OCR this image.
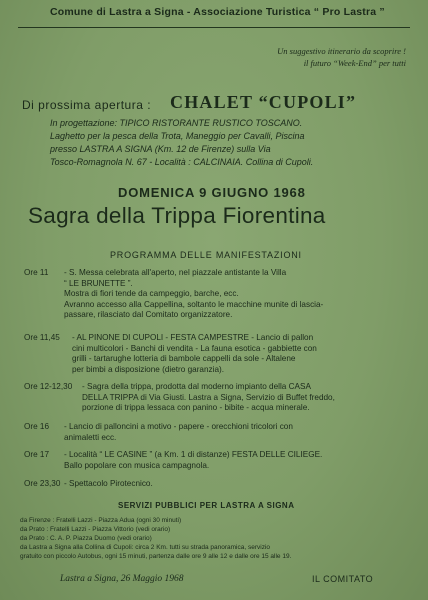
Comune di Lastra a Signa - Associazione Turistica “ Pro Lastra ”
Un suggestivo itinerario da scoprire !
il futuro “Week-End” per tutti
Di prossima apertura : CHALET “CUPOLI”
In progettazione: TIPICO RISTORANTE RUSTICO TOSCANO.
Laghetto per la pesca della Trota, Maneggio per Cavalli, Piscina
presso LASTRA A SIGNA (Km. 12 de Firenze) sulla Via
Tosco-Romagnola N. 67 - Località : CALCINAIA. Collina di Cupoli.
DOMENICA 9 GIUGNO 1968
Sagra della Trippa Fiorentina
PROGRAMMA DELLE MANIFESTAZIONI
Ore 11 - S. Messa celebrata all'aperto, nel piazzale antistante la Villa
“ LE BRUNETTE ”.
Mostra di fiori tende da campeggio, barche, ecc.
Avranno accesso alla Cappellina, soltanto le macchine munite di lascia-
passare, rilasciato dal Comitato organizzatore.
Ore 11,45 - AL PINONE DI CUPOLI - FESTA CAMPESTRE - Lancio di pallon
cini multicolori - Banchi di vendita - La fauna esotica - gabbiette con
grilli - tartarughe lotteria di bambole cappelli da sole - Altalene
per bimbi a disposizione (dietro garanzia).
Ore 12-12,30 - Sagra della trippa, prodotta dal moderno impianto della CASA
DELLA TRIPPA di Via Giusti. Lastra a Signa, Servizio di Buffet freddo,
porzione di trippa lessaca con panino - bibite - acqua minerale.
Ore 16 - Lancio di palloncini a motivo - papere - orecchioni tricolori con
animaletti ecc.
Ore 17 - Località “ LE CASINE ” (a Km. 1 di distanze) FESTA DELLE CILIEGE.
Ballo popolare con musica campagnola.
Ore 23,30 - Spettacolo Pirotecnico.
SERVIZI PUBBLICI PER LASTRA A SIGNA
da Firenze : Fratelli Lazzi - Piazza Adua (ogni 30 minuti)
da Prato : Fratelli Lazzi - Piazza Vittorio (vedi orario)
da Prato : C. A. P. Piazza Duomo (vedi orario)
da Lastra a Signa alla Collina di Cupoli: circa 2 Km. tutti su strada panoramica, servizio
gratuito con piccolo Autobus, ogni 15 minuti, partenza dalle ore 9 alle 12 e dalle ore 15 alle 19.
Lastra a Signa, 26 Maggio 1968	IL COMITATO
